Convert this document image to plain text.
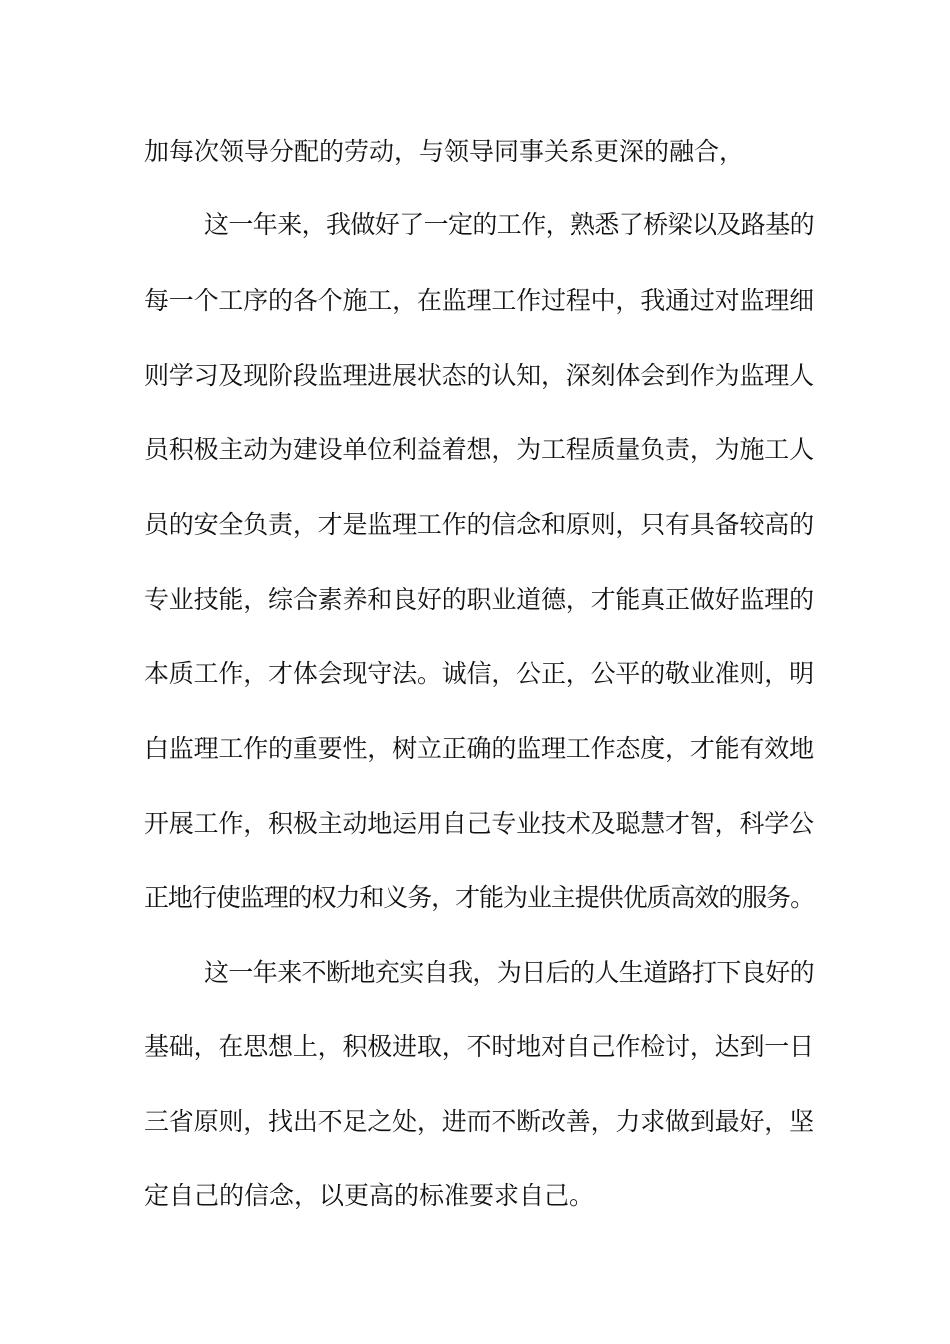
加每次领导分配的劳动，与领导同事关系更深的融合，
这一年来，我做好了一定的工作，熟悉了桥梁以及路基的
每一个工序的各个施工，在监理工作过程中，我通过对监理细
则学习及现阶段监理进展状态的认知，深刻体会到作为监理人
员积极主动为建设单位利益着想，为工程质量负责，为施工人
员的安全负责，才是监理工作的信念和原则，只有具备较高的
专业技能，综合素养和良好的职业道德，才能真正做好监理的
本质工作，才体会现守法。诚信，公正，公平的敬业准则，明
白监理工作的重要性，树立正确的监理工作态度，才能有效地
开展工作，积极主动地运用自己专业技术及聪慧才智，科学公
正地行使监理的权力和义务，才能为业主提供优质高效的服务。
这一年来不断地充实自我，为日后的人生道路打下良好的
基础，在思想上，积极进取，不时地对自己作检讨，达到一日
三省原则，找出不足之处，进而不断改善，力求做到最好，坚
定自己的信念，以更高的标准要求自己。
